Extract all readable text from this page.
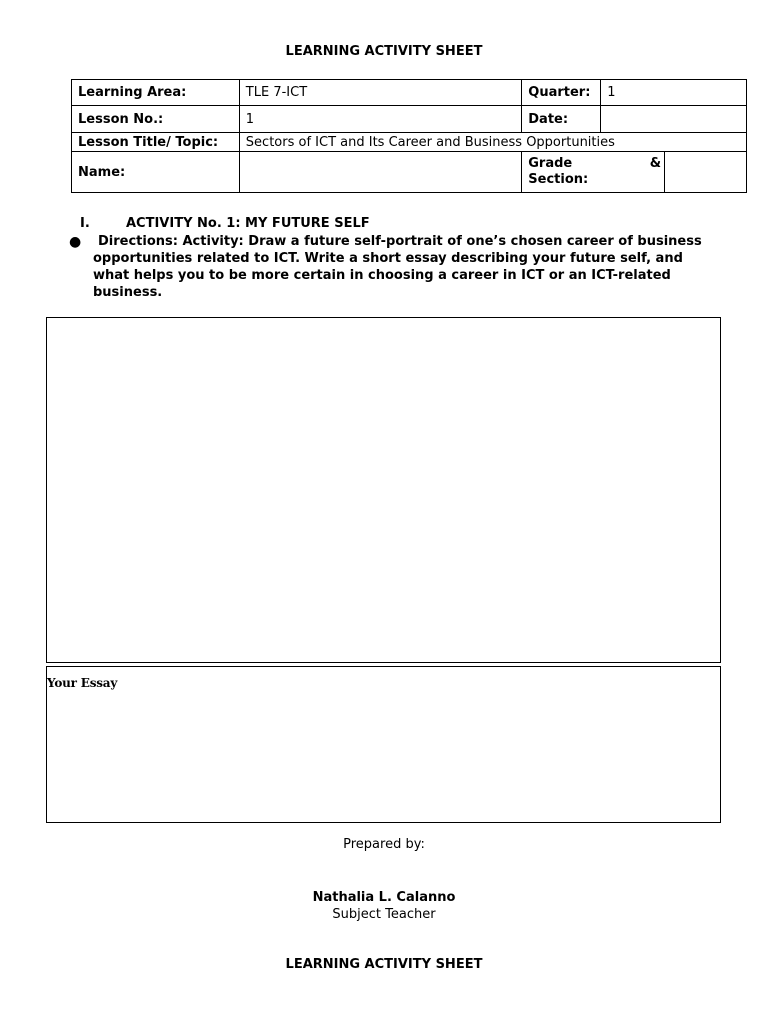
LEARNING ACTIVITY SHEET
Learning Area:	TLE 7-ICT	Quarter:	1	
Lesson No.:	1	Date:		
Lesson Title/ Topic:	Sectors of ICT and Its Career and Business Opportunities			
Name:		Grade &
Section:		

I.	ACTIVITY No. 1: MY FUTURE SELF
●	Directions: Activity: Draw a future self-portrait of one’s chosen career of business opportunities related to ICT. Write a short essay describing your future self, and what helps you to be more certain in choosing a career in ICT or an ICT-related business.
Your Essay
Prepared by:
Nathalia L. Calanno
Subject Teacher
LEARNING ACTIVITY SHEET
